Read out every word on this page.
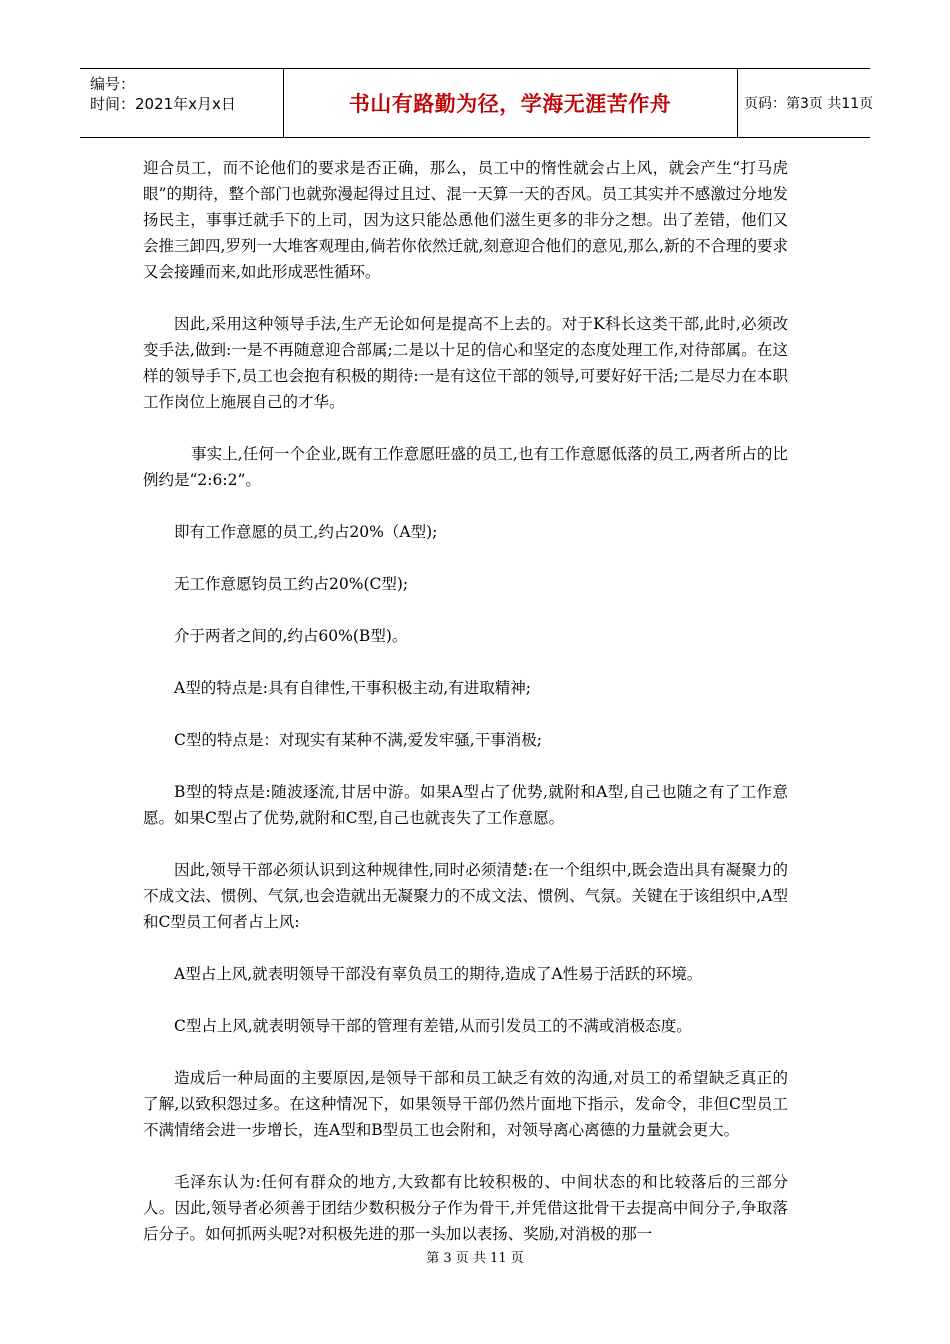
编号：
时间：2021年x月x日	书山有路勤为径，学海无涯苦作舟	页码：第3页 共11页

迎合员工，而不论他们的要求是否正确，那么，员工中的惰性就会占上风，就会产生“打马虎眼”的期待，整个部门也就弥漫起得过且过、混一天算一天的否风。员工其实并不感激过分地发扬民主，事事迁就手下的上司，因为这只能怂恿他们滋生更多的非分之想。出了差错，他们又会推三卸四,罗列一大堆客观理由,倘若你依然迁就,刻意迎合他们的意见,那么,新的不合理的要求又会接踵而来,如此形成恶性循环。

因此,采用这种领导手法,生产无论如何是提高不上去的。对于K科长这类干部,此时,必须改变手法,做到:一是不再随意迎合部属;二是以十足的信心和坚定的态度处理工作,对待部属。在这样的领导手下,员工也会抱有积极的期待:一是有这位干部的领导,可要好好干活;二是尽力在本职工作岗位上施展自己的才华。

事实上,任何一个企业,既有工作意愿旺盛的员工,也有工作意愿低落的员工,两者所占的比例约是“2:6:2”。

即有工作意愿的员工,约占20%（A型);

无工作意愿钧员工约占20%(C型);

介于两者之间的,约占60%(B型)。

A型的特点是:具有自律性,干事积极主动,有进取精神;

C型的特点是：对现实有某种不满,爱发牢骚,干事消极;

B型的特点是:随波逐流,甘居中游。如果A型占了优势,就附和A型,自己也随之有了工作意愿。如果C型占了优势,就附和C型,自己也就丧失了工作意愿。

因此,领导干部必须认识到这种规律性,同时必须清楚:在一个组织中,既会造出具有凝聚力的不成文法、惯例、气氛,也会造就出无凝聚力的不成文法、惯例、气氛。关键在于该组织中,A型和C型员工何者占上风:

A型占上风,就表明领导干部没有辜负员工的期待,造成了A性易于活跃的环境。

C型占上风,就表明领导干部的管理有差错,从而引发员工的不满或消极态度。

造成后一种局面的主要原因,是领导干部和员工缺乏有效的沟通,对员工的希望缺乏真正的了解,以致积怨过多。在这种情况下，如果领导干部仍然片面地下指示，发命令，非但C型员工不满情绪会进一步增长，连A型和B型员工也会附和，对领导离心离德的力量就会更大。

毛泽东认为:任何有群众的地方,大致都有比较积极的、中间状态的和比较落后的三部分人。因此,领导者必须善于团结少数积极分子作为骨干,并凭借这批骨干去提高中间分子,争取落后分子。如何抓两头呢?对积极先进的那一头加以表扬、奖励,对消极的那一

第 3 页 共 11 页
